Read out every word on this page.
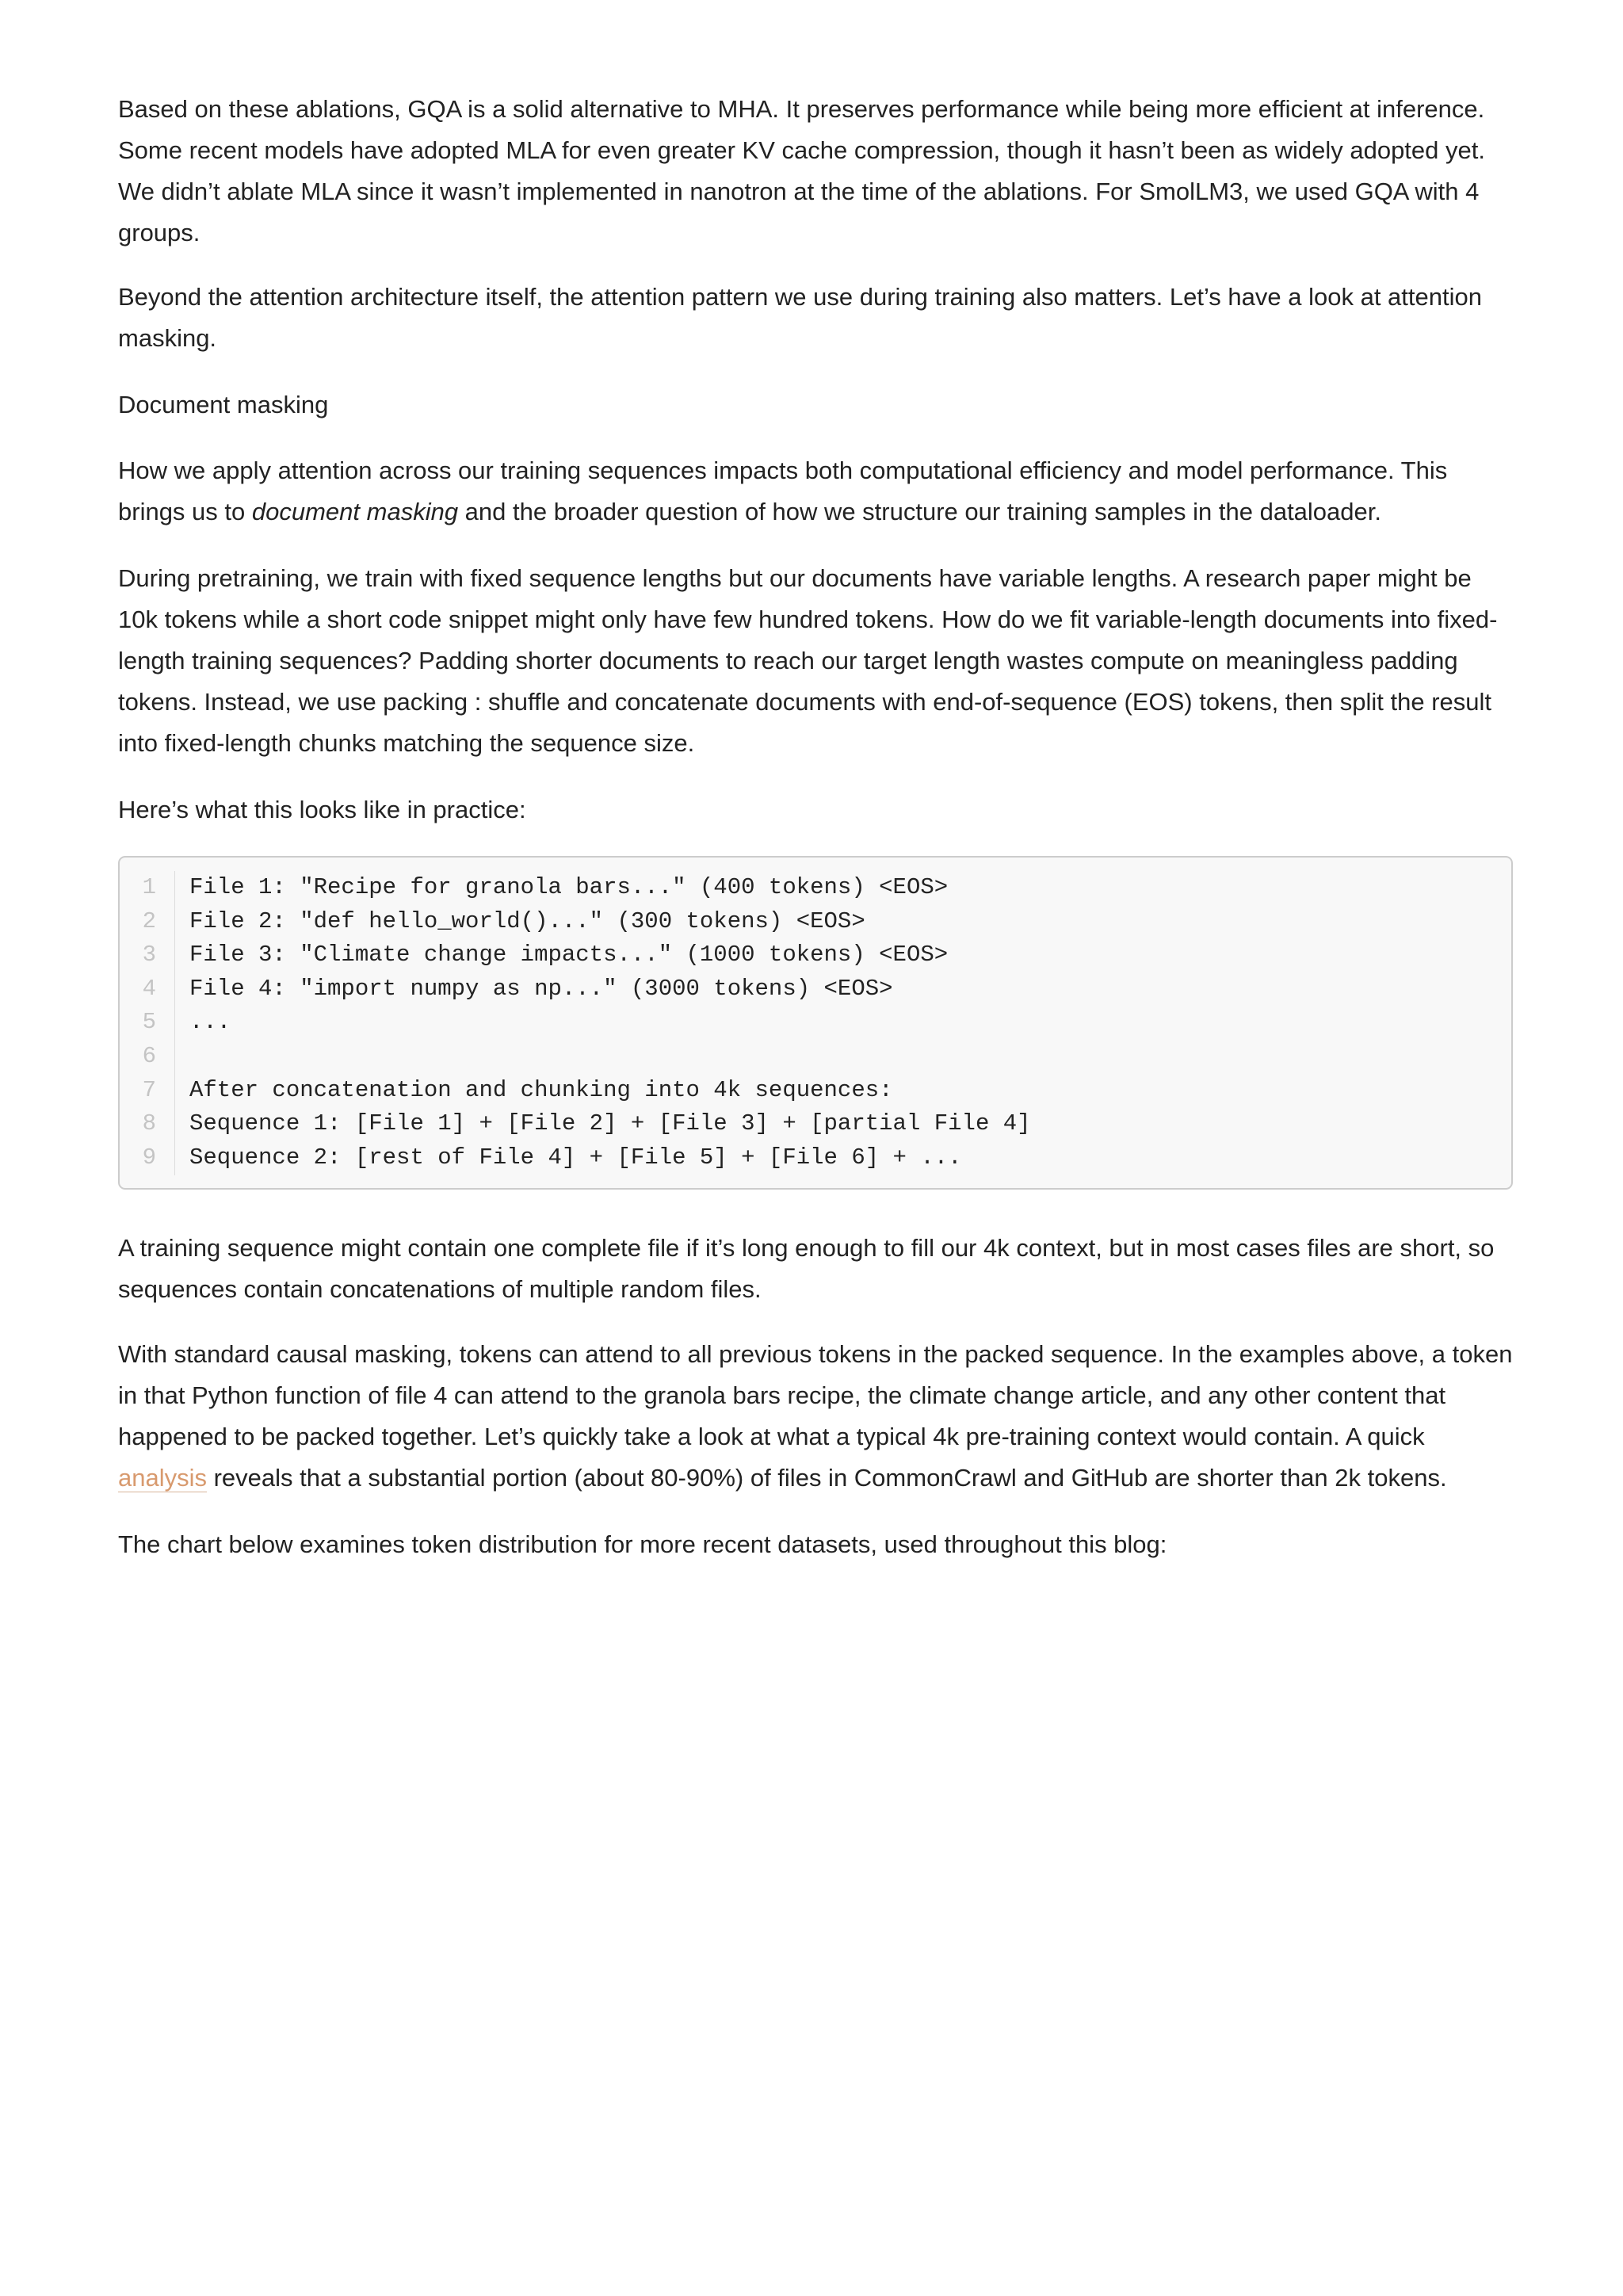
Based on these ablations, GQA is a solid alternative to MHA. It preserves performance while being more efficient at inference. Some recent models have adopted MLA for even greater KV cache compression, though it hasn’t been as widely adopted yet. We didn’t ablate MLA since it wasn’t implemented in nanotron at the time of the ablations. For SmolLM3, we used GQA with 4 groups.

Beyond the attention architecture itself, the attention pattern we use during training also matters. Let’s have a look at attention masking.

Document masking

How we apply attention across our training sequences impacts both computational efficiency and model performance. This brings us to document masking and the broader question of how we structure our training samples in the dataloader.

During pretraining, we train with fixed sequence lengths but our documents have variable lengths. A research paper might be 10k tokens while a short code snippet might only have few hundred tokens. How do we fit variable-length documents into fixed-length training sequences? Padding shorter documents to reach our target length wastes compute on meaningless padding tokens. Instead, we use packing : shuffle and concatenate documents with end-of-sequence (EOS) tokens, then split the result into fixed-length chunks matching the sequence size.

Here’s what this looks like in practice:

1	File 1: "Recipe for granola bars..." (400 tokens) <EOS>
2	File 2: "def hello_world()..." (300 tokens) <EOS>
3	File 3: "Climate change impacts..." (1000 tokens) <EOS>
4	File 4: "import numpy as np..." (3000 tokens) <EOS>
5	...
6
7	After concatenation and chunking into 4k sequences:
8	Sequence 1: [File 1] + [File 2] + [File 3] + [partial File 4]
9	Sequence 2: [rest of File 4] + [File 5] + [File 6] + ...

A training sequence might contain one complete file if it’s long enough to fill our 4k context, but in most cases files are short, so sequences contain concatenations of multiple random files.

With standard causal masking, tokens can attend to all previous tokens in the packed sequence. In the examples above, a token in that Python function of file 4 can attend to the granola bars recipe, the climate change article, and any other content that happened to be packed together. Let’s quickly take a look at what a typical 4k pre-training context would contain. A quick analysis reveals that a substantial portion (about 80-90%) of files in CommonCrawl and GitHub are shorter than 2k tokens.

The chart below examines token distribution for more recent datasets, used throughout this blog:
